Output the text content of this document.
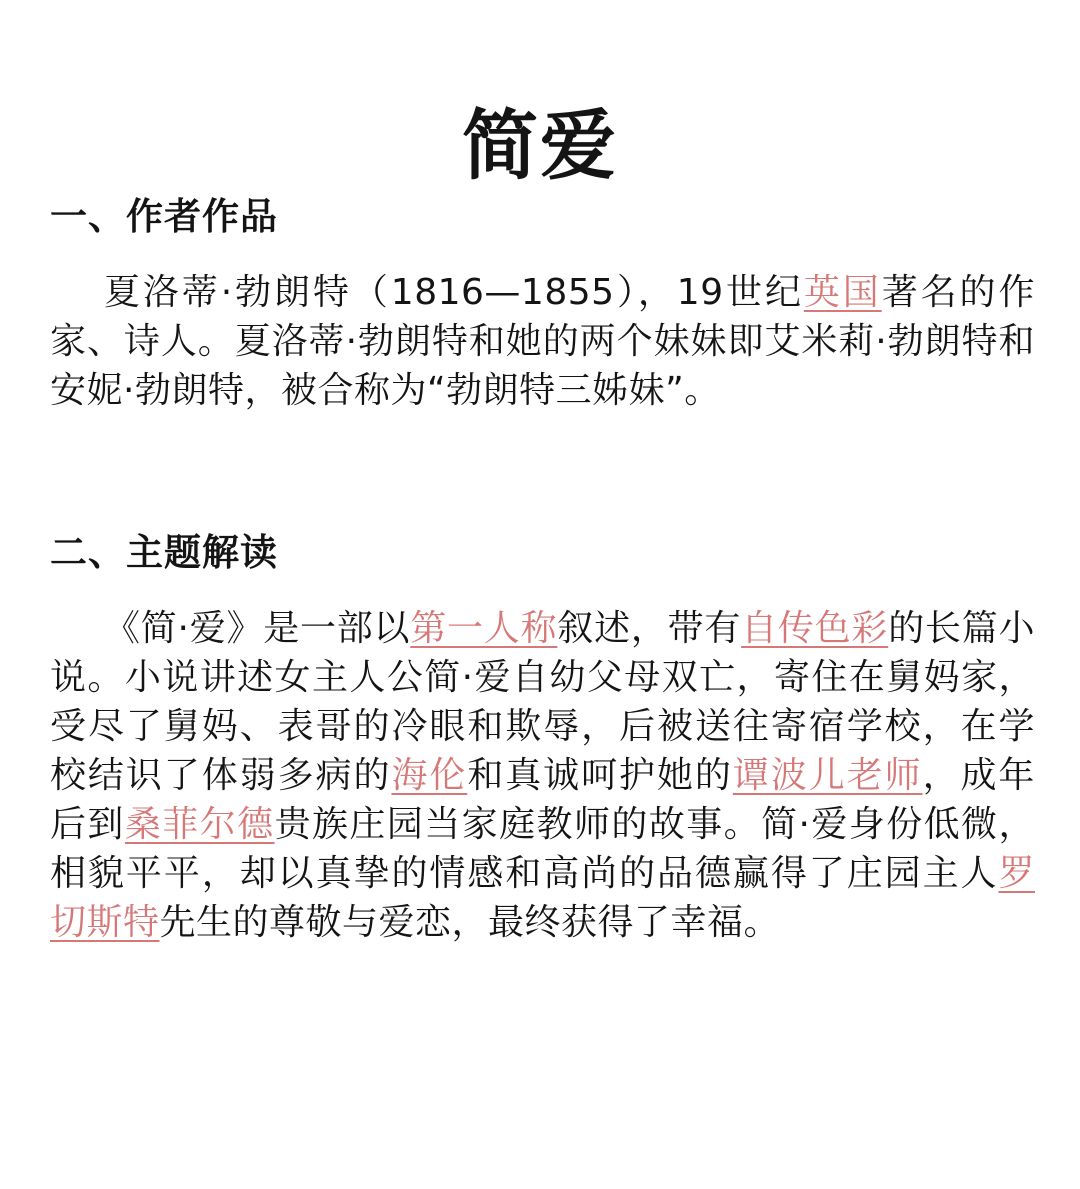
简爱
一、作者作品

夏洛蒂·勃朗特（1816—1855），19世纪英国著名的作家、诗人。夏洛蒂·勃朗特和她的两个妹妹即艾米莉·勃朗特和安妮·勃朗特，被合称为“勃朗特三姊妹”。

二、主题解读

《简·爱》是一部以第一人称叙述，带有自传色彩的长篇小说。小说讲述女主人公简·爱自幼父母双亡，寄住在舅妈家，受尽了舅妈、表哥的冷眼和欺辱，后被送往寄宿学校，在学校结识了体弱多病的海伦和真诚呵护她的谭波儿老师，成年后到桑菲尔德贵族庄园当家庭教师的故事。简·爱身份低微，相貌平平，却以真挚的情感和高尚的品德赢得了庄园主人罗切斯特先生的尊敬与爱恋，最终获得了幸福。
